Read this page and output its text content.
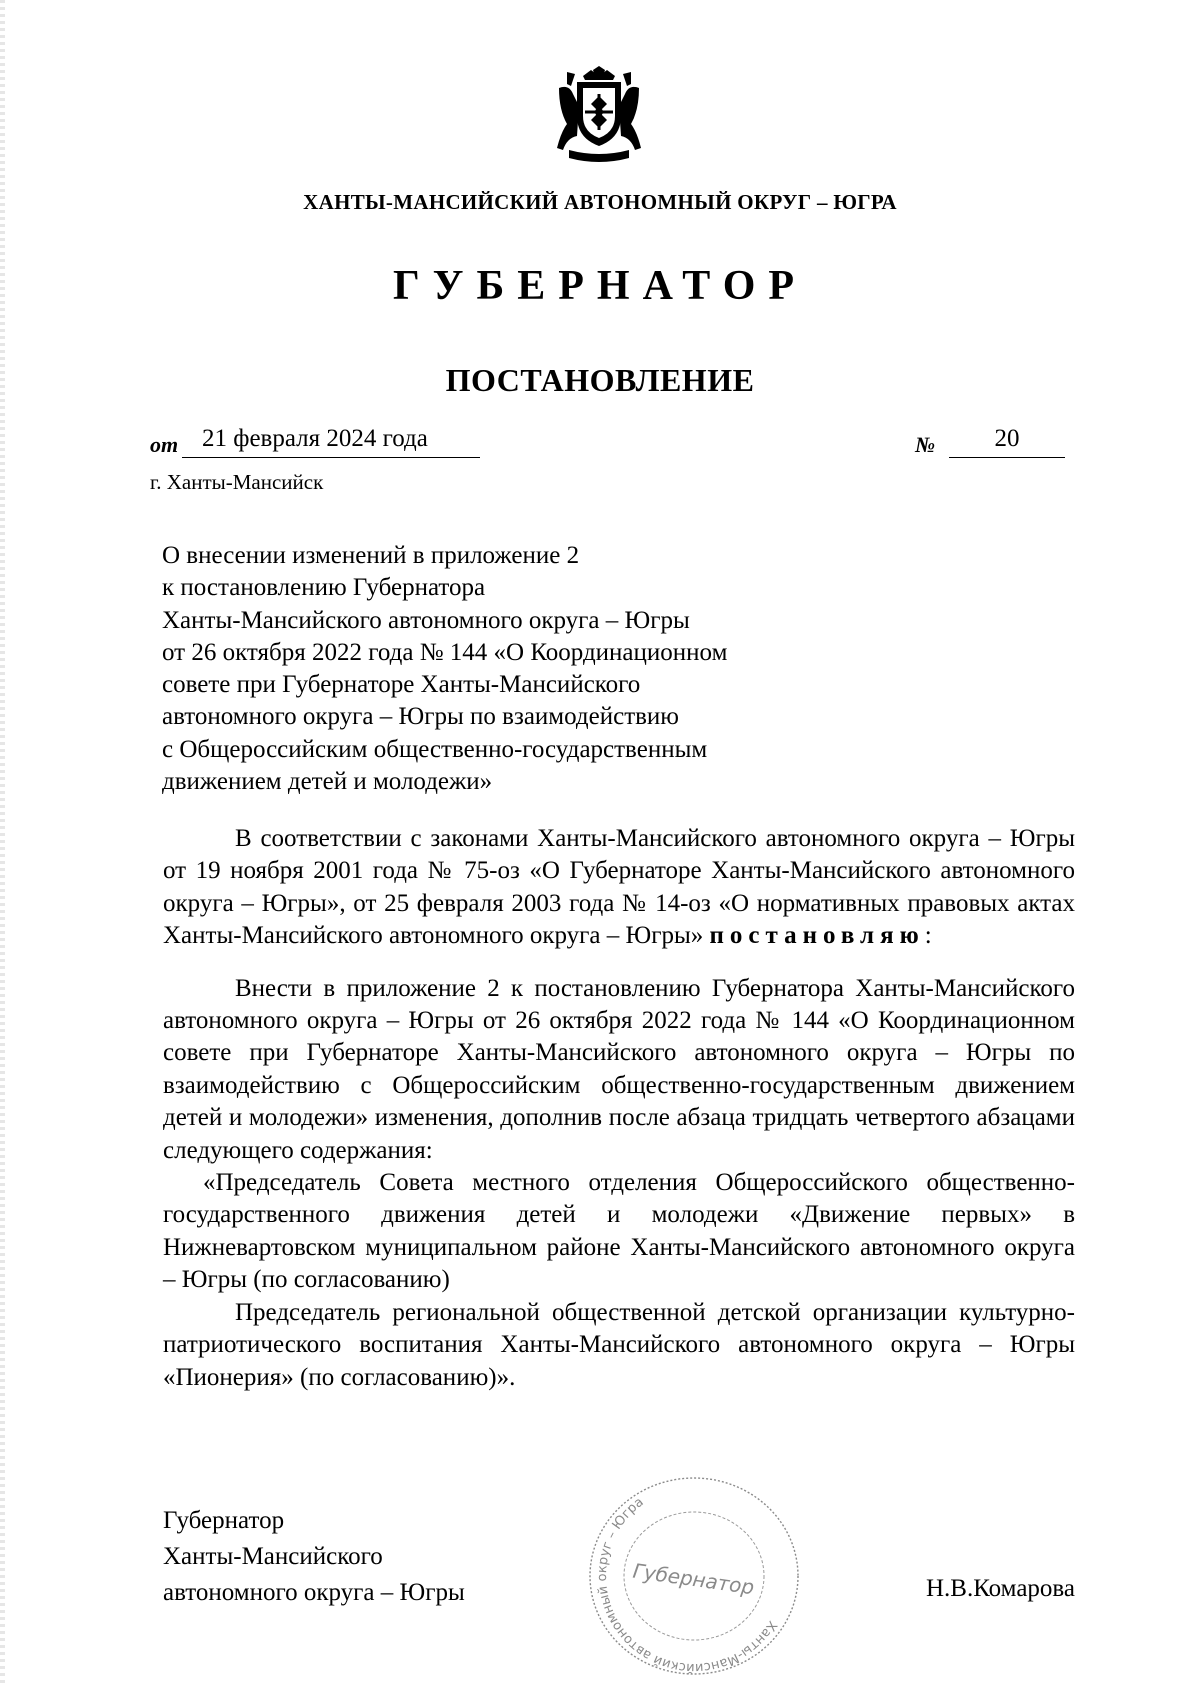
ХАНТЫ-МАНСИЙСКИЙ АВТОНОМНЫЙ ОКРУГ – ЮГРА
ГУБЕРНАТОР
ПОСТАНОВЛЕНИЕ
от 21 февраля 2024 года	№	20
г. Ханты-Мансийск
О внесении изменений в приложение 2
к постановлению Губернатора
Ханты-Мансийского автономного округа – Югры
от 26 октября 2022 года № 144 «О Координационном
совете при Губернаторе Ханты-Мансийского
автономного округа – Югры по взаимодействию
с Общероссийским общественно-государственным
движением детей и молодежи»

В соответствии с законами Ханты-Мансийского автономного округа – Югры от 19 ноября 2001 года № 75-оз «О Губернаторе Ханты-Мансийского автономного округа – Югры», от 25 февраля 2003 года № 14-оз «О нормативных правовых актах Ханты-Мансийского автономного округа – Югры» постановляю:

Внести в приложение 2 к постановлению Губернатора Ханты-Мансийского автономного округа – Югры от 26 октября 2022 года № 144 «О Координационном совете при Губернаторе Ханты-Мансийского автономного округа – Югры по взаимодействию с Общероссийским общественно-государственным движением детей и молодежи» изменения, дополнив после абзаца тридцать четвертого абзацами следующего содержания:

«Председатель Совета местного отделения Общероссийского общественно-государственного движения детей и молодежи «Движение первых» в Нижневартовском муниципальном районе Ханты-Мансийского автономного округа – Югры (по согласованию)

Председатель региональной общественной детской организации культурно-патриотического воспитания Ханты-Мансийского автономного округа – Югры «Пионерия» (по согласованию)».

Губернатор
Ханты-Мансийского
автономного округа – Югры
Ханты-Мансийский автономный округ – Югра
Губернатор	Н.В.Комарова
